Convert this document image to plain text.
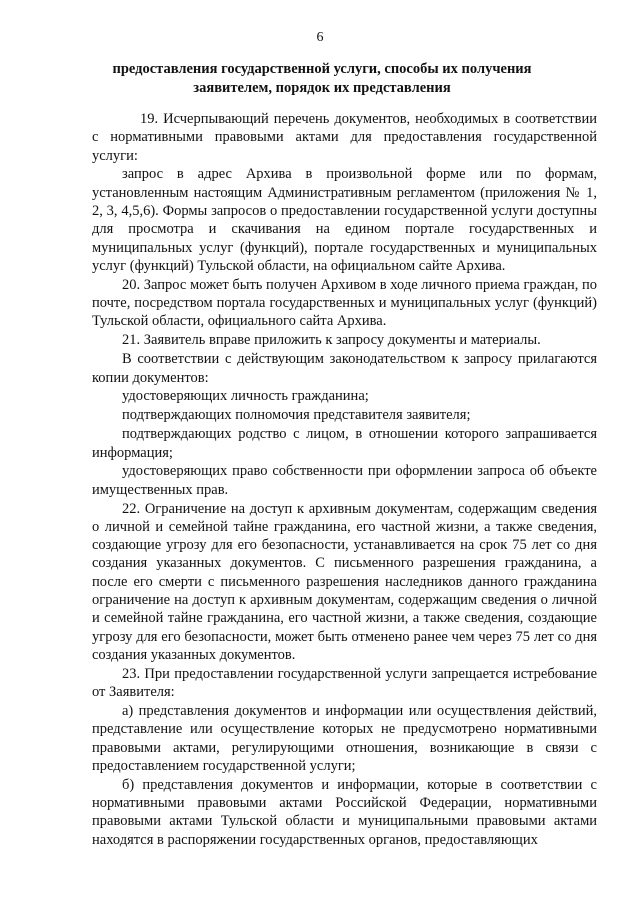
6
предоставления государственной услуги, способы их получения заявителем, порядок их представления

19. Исчерпывающий перечень документов, необходимых в соответствии с нормативными правовыми актами для предоставления государственной услуги:

запрос в адрес Архива в произвольной форме или по формам, установленным настоящим Административным регламентом (приложения № 1, 2, 3, 4,5,6). Формы запросов о предоставлении государственной услуги доступны для просмотра и скачивания на едином портале государственных и муниципальных услуг (функций), портале государственных и муниципальных услуг (функций) Тульской области, на официальном сайте Архива.

20. Запрос может быть получен Архивом в ходе личного приема граждан, по почте, посредством портала государственных и муниципальных услуг (функций) Тульской области, официального сайта Архива.

21. Заявитель вправе приложить к запросу документы и материалы.

В соответствии с действующим законодательством к запросу прилагаются копии документов:

удостоверяющих личность гражданина;

подтверждающих полномочия представителя заявителя;

подтверждающих родство с лицом, в отношении которого запрашивается информация;

удостоверяющих право собственности при оформлении запроса об объекте имущественных прав.

22. Ограничение на доступ к архивным документам, содержащим сведения о личной и семейной тайне гражданина, его частной жизни, а также сведения, создающие угрозу для его безопасности, устанавливается на срок 75 лет со дня создания указанных документов. С письменного разрешения гражданина, а после его смерти с письменного разрешения наследников данного гражданина ограничение на доступ к архивным документам, содержащим сведения о личной и семейной тайне гражданина, его частной жизни, а также сведения, создающие угрозу для его безопасности, может быть отменено ранее чем через 75 лет со дня создания указанных документов.

23. При предоставлении государственной услуги запрещается истребование от Заявителя:

а) представления документов и информации или осуществления действий, представление или осуществление которых не предусмотрено нормативными правовыми актами, регулирующими отношения, возникающие в связи с предоставлением государственной услуги;

б) представления документов и информации, которые в соответствии с нормативными правовыми актами Российской Федерации, нормативными правовыми актами Тульской области и муниципальными правовыми актами находятся в распоряжении государственных органов, предоставляющих
